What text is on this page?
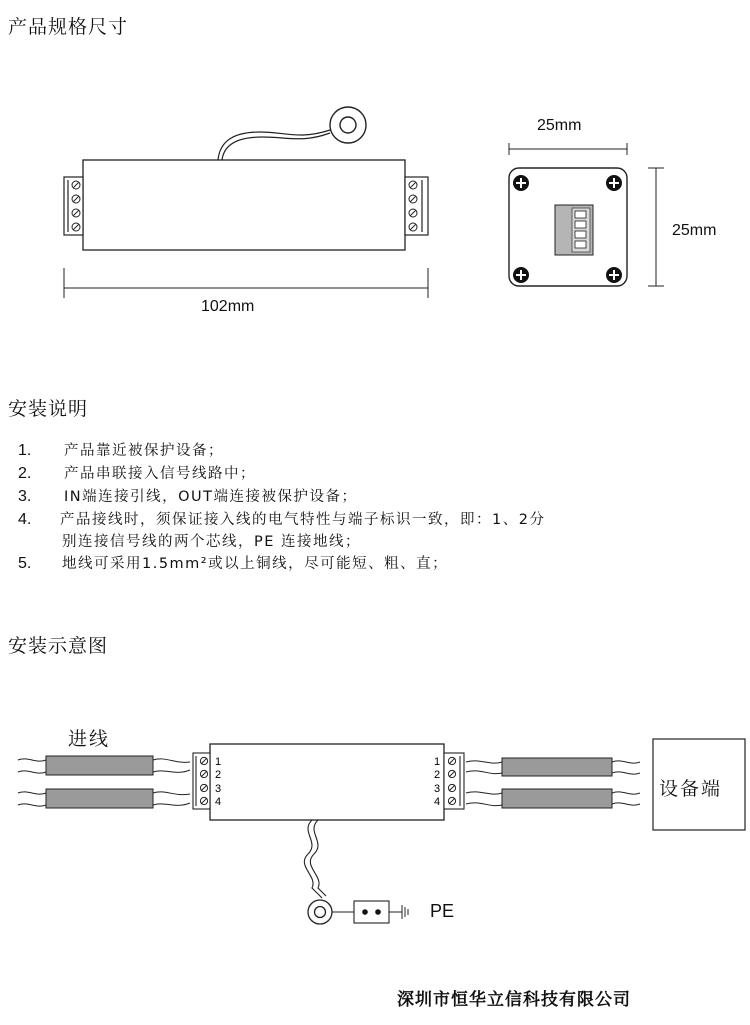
产品规格尺寸
102mm
25mm
25mm
安装说明
1. 产品靠近被保护设备；
2. 产品串联接入信号线路中；
3. IN端连接引线，OUT端连接被保护设备；
4. 产品接线时，须保证接入线的电气特性与端子标识一致，即：1、2分
别连接信号线的两个芯线，PE 连接地线；
5. 地线可采用1.5mm²或以上铜线，尽可能短、粗、直；
安装示意图
进线
1
2
3
4
1
2
3
4
设备端
PE
深圳市恒华立信科技有限公司
